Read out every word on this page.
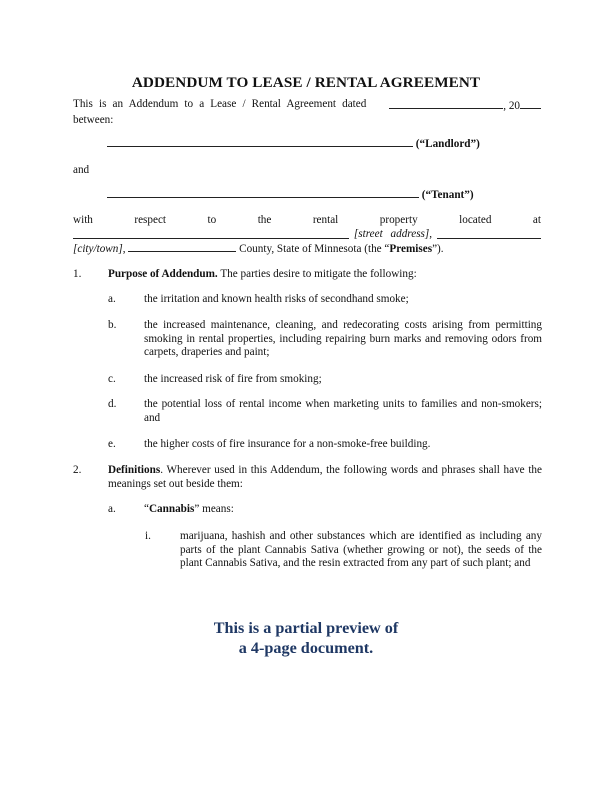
ADDENDUM TO LEASE / RENTAL AGREEMENT
This is an Addendum to a Lease / Rental Agreement dated	, 20
between:
(“Landlord”)
and
(“Tenant”)
with	respect	to	the	rental	property	located	at
[street address],
[city/town],	County, State of Minnesota (the “Premises”).
1. Purpose of Addendum. The parties desire to mitigate the following:
a.	the irritation and known health risks of secondhand smoke;
b. the increased maintenance, cleaning, and redecorating costs arising from permitting smoking in rental properties, including repairing burn marks and removing odors from carpets, draperies and paint;
c.	the increased risk of fire from smoking;
d. the potential loss of rental income when marketing units to families and non-smokers; and
e.	the higher costs of fire insurance for a non-smoke-free building.
2. Definitions. Wherever used in this Addendum, the following words and phrases shall have the meanings set out beside them:
a.	“Cannabis” means:
i.	marijuana, hashish and other substances which are identified as including any parts of the plant Cannabis Sativa (whether growing or not), the seeds of the plant Cannabis Sativa, and the resin extracted from any part of such plant; and
This is a partial preview of
a 4-page document.
